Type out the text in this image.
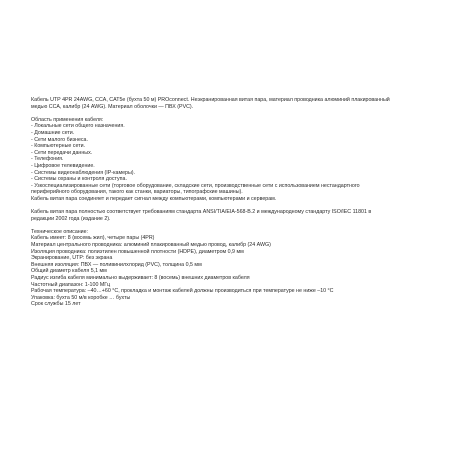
Кабель UTP 4PR 24AWG, CCA, CAT5e (бухта 50 м) PROconnect. Неэкранированная витая пара, материал проводника алюминий плакированный
медью CCA, калибр (24 AWG). Материал оболочки — ПВХ (PVC).
Область применения кабеля:
- Локальные сети общего назначения.
- Домашние сети.
- Сети малого бизнеса.
- Компьютерные сети.
- Сети передачи данных.
- Телефония.
- Цифровое телевидение.
- Системы видеонаблюдения (IP-камеры).
- Системы охраны и контроля доступа.
- Узкоспециализированные сети (торговое оборудование, складские сети, производственные сети с использованием нестандартного
периферийного оборудования, такого как станки, вариаторы, типографские машины).
Кабель витая пара соединяет и передает сигнал между компьютерами, компьютерами и серверам.
Кабель витая пара полностью соответствует требованиям стандарта ANSI/TIA/EIA-568-B.2 и международному стандарту ISO/IEC 11801 в
редакции 2002 года (издание 2).
Техническое описание:
Кабель имеет: 8 (восемь жил), четыре пары (4PR)
Материал центрального проводника: алюминий плакированный медью провод, калибр (24 AWG)
Изоляция проводника: полиэтилен повышенной плотности (HDPE), диаметром 0,9 мм
Экранирование, UTP: без экрана
Внешняя изоляция: ПВХ — поливинилхлорид (PVC), толщина 0,5 мм
Общий диаметр кабеля 5,1 мм
Радиус изгиба кабеля минимально выдерживает: 8 (восемь) внешних диаметров кабеля
Частотный диапазон: 1-100 МГц
Рабочая температура: –40…+60 °C, прокладка и монтаж кабелей должны производиться при температуре не ниже –10 °C
Упаковка: бухта 50 м/в коробке … бухты
Срок службы 15 лет
